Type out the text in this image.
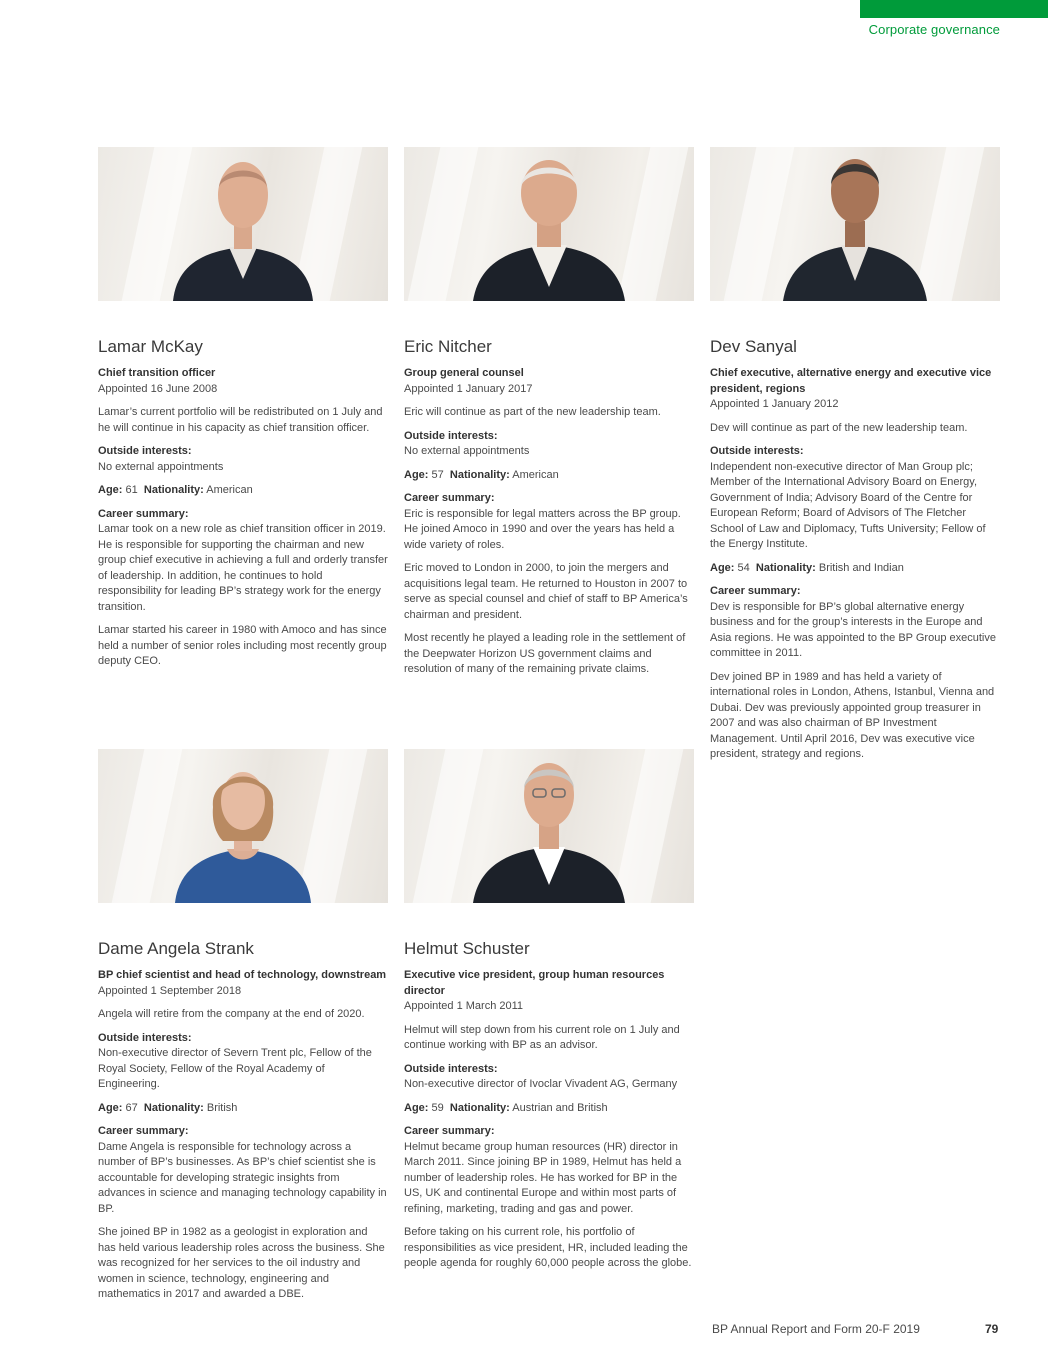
Corporate governance
Lamar McKay
Chief transition officer
Appointed 16 June 2008
Lamar’s current portfolio will be redistributed on 1 July and he will continue in his capacity as chief transition officer.
Outside interests:
No external appointments
Age: 61 Nationality: American
Career summary:
Lamar took on a new role as chief transition officer in 2019. He is responsible for supporting the chairman and new group chief executive in achieving a full and orderly transfer of leadership. In addition, he continues to hold responsibility for leading BP’s strategy work for the energy transition.
Lamar started his career in 1980 with Amoco and has since held a number of senior roles including most recently group deputy CEO.
Eric Nitcher
Group general counsel
Appointed 1 January 2017
Eric will continue as part of the new leadership team.
Outside interests:
No external appointments
Age: 57 Nationality: American
Career summary:
Eric is responsible for legal matters across the BP group. He joined Amoco in 1990 and over the years has held a wide variety of roles.
Eric moved to London in 2000, to join the mergers and acquisitions legal team. He returned to Houston in 2007 to serve as special counsel and chief of staff to BP America’s chairman and president.
Most recently he played a leading role in the settlement of the Deepwater Horizon US government claims and resolution of many of the remaining private claims.
Dev Sanyal
Chief executive, alternative energy and executive vice president, regions
Appointed 1 January 2012
Dev will continue as part of the new leadership team.
Outside interests:
Independent non-executive director of Man Group plc; Member of the International Advisory Board on Energy, Government of India; Advisory Board of the Centre for European Reform; Board of Advisors of The Fletcher School of Law and Diplomacy, Tufts University; Fellow of the Energy Institute.
Age: 54 Nationality: British and Indian
Career summary:
Dev is responsible for BP’s global alternative energy business and for the group’s interests in the Europe and Asia regions. He was appointed to the BP Group executive committee in 2011.
Dev joined BP in 1989 and has held a variety of international roles in London, Athens, Istanbul, Vienna and Dubai. Dev was previously appointed group treasurer in 2007 and was also chairman of BP Investment Management. Until April 2016, Dev was executive vice president, strategy and regions.
Dame Angela Strank
BP chief scientist and head of technology, downstream
Appointed 1 September 2018
Angela will retire from the company at the end of 2020.
Outside interests:
Non-executive director of Severn Trent plc, Fellow of the Royal Society, Fellow of the Royal Academy of Engineering.
Age: 67 Nationality: British
Career summary:
Dame Angela is responsible for technology across a number of BP’s businesses. As BP’s chief scientist she is accountable for developing strategic insights from advances in science and managing technology capability in BP.
She joined BP in 1982 as a geologist in exploration and has held various leadership roles across the business. She was recognized for her services to the oil industry and women in science, technology, engineering and mathematics in 2017 and awarded a DBE.
Helmut Schuster
Executive vice president, group human resources director
Appointed 1 March 2011
Helmut will step down from his current role on 1 July and continue working with BP as an advisor.
Outside interests:
Non-executive director of Ivoclar Vivadent AG, Germany
Age: 59 Nationality: Austrian and British
Career summary:
Helmut became group human resources (HR) director in March 2011. Since joining BP in 1989, Helmut has held a number of leadership roles. He has worked for BP in the US, UK and continental Europe and within most parts of refining, marketing, trading and gas and power.
Before taking on his current role, his portfolio of responsibilities as vice president, HR, included leading the people agenda for roughly 60,000 people across the globe.
BP Annual Report and Form 20-F 2019	79
